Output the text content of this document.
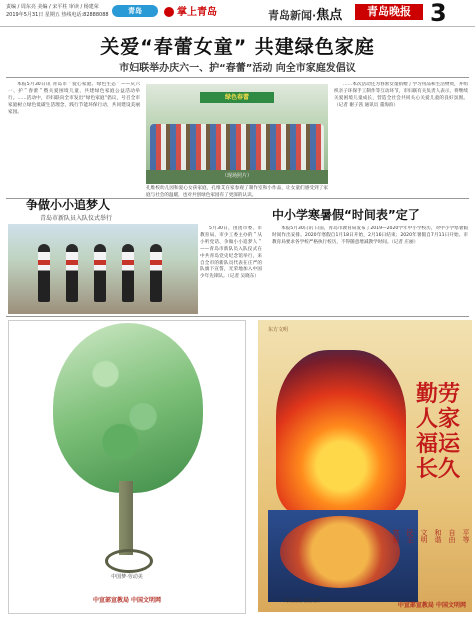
责编 / 周东亮 美编 / 宋平柱 审读 / 杨建荣
2019年5月31日 星期五 热线电话:82888088	青岛	掌上青岛	青岛新闻·焦点	青岛晚报 3
关爱“春蕾女童” 共建绿色家庭
市妇联举办庆六一、护“春蕾”活动 向全市家庭发倡议

本报5月30日讯 青岛市＂爱心家庭、绿色生态＂——庆六一、护＂春蕾＂暨关爱困境儿童、共建绿色家庭公益活动举行。……活动中，市妇联向全市发出“绿色家庭”倡议，号召全市家庭树立绿色低碳生活理念，践行节能环保行动，共同建设美丽家园。

绿色春蕾
（现场照片）
孔维校幼儿园和爱心女孩家庭，孔维艾在家参观了制作室和小作品，让女童们感受到了家庭与社会的温暖，也对共创绿色家园有了更深的认识。

……本次活动还为春蕾女童捐赠了学习用品和生活物资，并组织亲子环保手工制作等互动环节，市妇联有关负责人表示，将继续关爱困境儿童成长，营造全社会共同关心关爱儿童的良好氛围。（记者 谢子茜 通讯员 董海滨）

争做小小追梦人
青岛市新队员入队仪式举行

5月30日，由团市委、市教育局、市少工委主办的＂从小听党话、争做小小追梦人＂——青岛市新队员入队仪式在中共青岛党史纪念馆举行，来自全市的新队员代表在庄严的队旗下宣誓，光荣地加入中国少年先锋队。（记者 吴晓东）

中小学寒暑假“时间表”定了

本报5月30日讯 日前，青岛市教育局发布了2019—2020学年中小学校历，对中小学寒暑假时间作出安排。2020年寒假自1月18日开始，2月16日结束；2020年暑假自7月11日开始。市教育局要求各学校严格执行校历，不得随意增减教学时间。（记者 庄丽）

中国梦·劳动美
中宣部宣教局 中国文明网
东方文明
勤劳人家 福运长久
富强 民主 文明 和谐 自由 平等
河南画院 任伯宏作
中宣部宣教局 中国文明网
